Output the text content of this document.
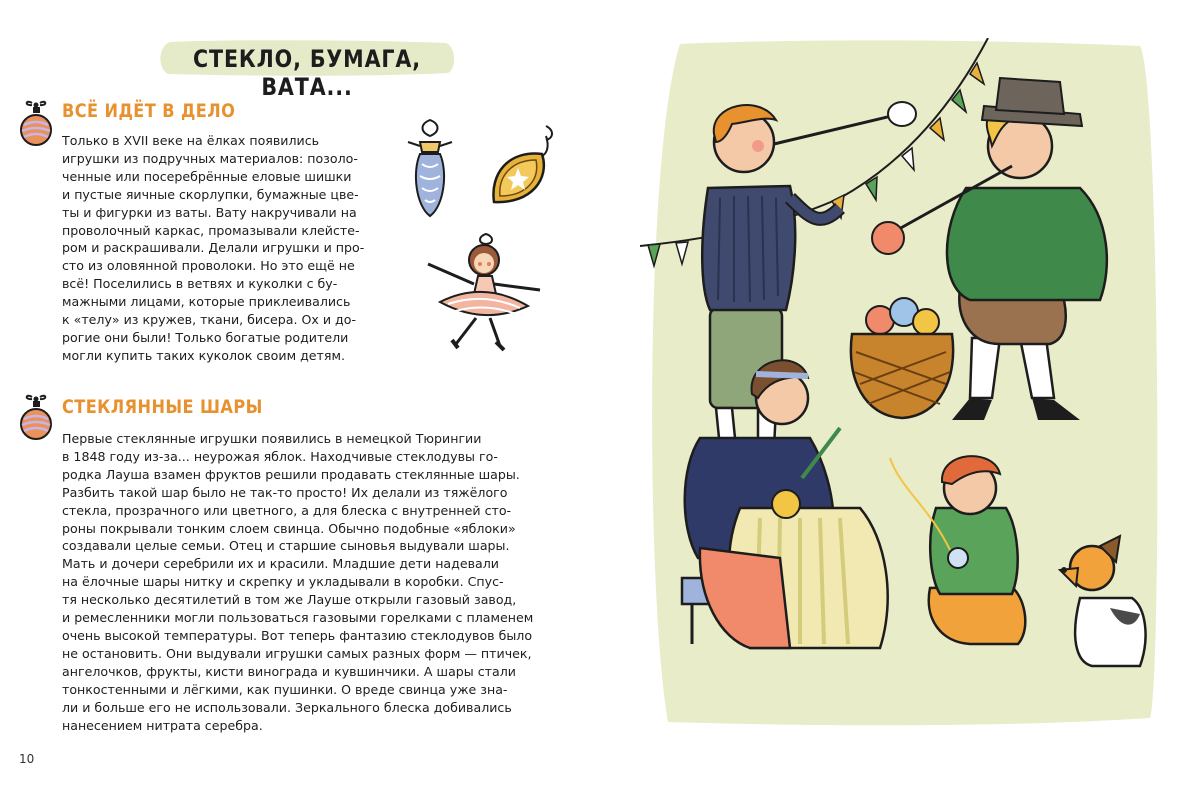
СТЕКЛО, БУМАГА, ВАТА...
ВСЁ ИДЁТ В ДЕЛО
Только в XVII веке на ёлках появились
игрушки из подручных материалов: позоло-
ченные или посеребрённые еловые шишки
и пустые яичные скорлупки, бумажные цве-
ты и фигурки из ваты. Вату накручивали на
проволочный каркас, промазывали клейсте-
ром и раскрашивали. Делали игрушки и про-
сто из оловянной проволоки. Но это ещё не
всё! Поселились в ветвях и куколки с бу-
мажными лицами, которые приклеивались
к «телу» из кружев, ткани, бисера. Ох и до-
рогие они были! Только богатые родители
могли купить таких куколок своим детям.
СТЕКЛЯННЫЕ ШАРЫ
Первые стеклянные игрушки появились в немецкой Тюрингии
в 1848 году из-за... неурожая яблок. Находчивые стеклодувы го-
родка Лауша взамен фруктов решили продавать стеклянные шары.
Разбить такой шар было не так-то просто! Их делали из тяжёлого
стекла, прозрачного или цветного, а для блеска с внутренней сто-
роны покрывали тонким слоем свинца. Обычно подобные «яблоки»
создавали целые семьи. Отец и старшие сыновья выдували шары.
Мать и дочери серебрили их и красили. Младшие дети надевали
на ёлочные шары нитку и скрепку и укладывали в коробки. Спус-
тя несколько десятилетий в том же Лауше открыли газовый завод,
и ремесленники могли пользоваться газовыми горелками с пламенем
очень высокой температуры. Вот теперь фантазию стеклодувов было
не остановить. Они выдували игрушки самых разных форм — птичек,
ангелочков, фрукты, кисти винограда и кувшинчики. А шары стали
тонкостенными и лёгкими, как пушинки. О вреде свинца уже зна-
ли и больше его не использовали. Зеркального блеска добивались
нанесением нитрата серебра.
10
